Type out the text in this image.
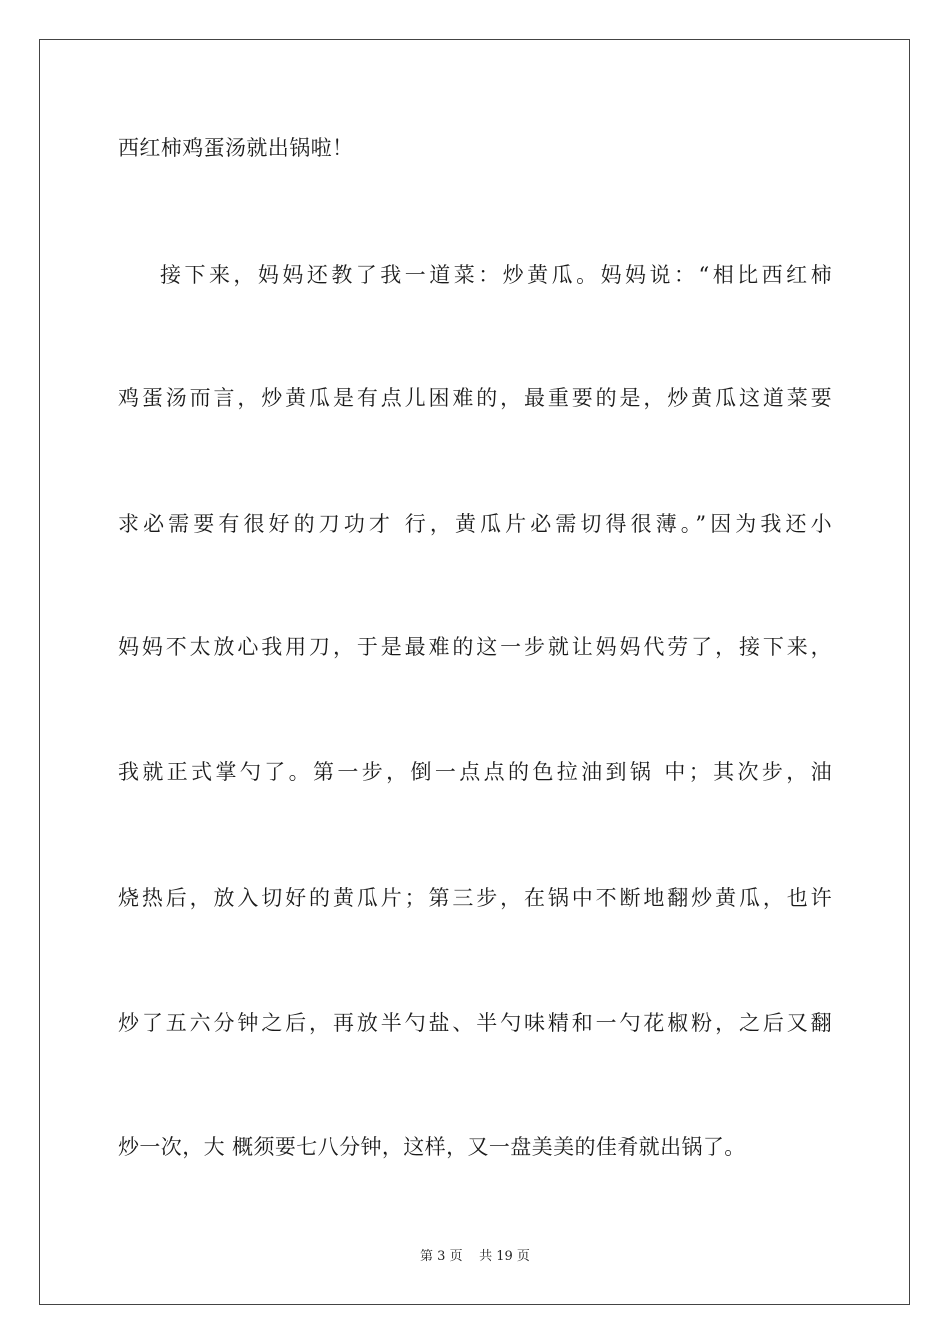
西红柿鸡蛋汤就出锅啦！
接下来，妈妈还教了我一道菜：炒黄瓜。妈妈说：“相比西红柿
鸡蛋汤而言，炒黄瓜是有点儿困难的，最重要的是，炒黄瓜这道菜要
求必需要有很好的刀功才 行，黄瓜片必需切得很薄。”因为我还小
妈妈不太放心我用刀，于是最难的这一步就让妈妈代劳了，接下来，
我就正式掌勺了。第一步，倒一点点的色拉油到锅 中；其次步，油
烧热后，放入切好的黄瓜片；第三步，在锅中不断地翻炒黄瓜，也许
炒了五六分钟之后，再放半勺盐、半勺味精和一勺花椒粉，之后又翻
炒一次，大 概须要七八分钟，这样，又一盘美美的佳肴就出锅了。
第 3 页 共 19 页
